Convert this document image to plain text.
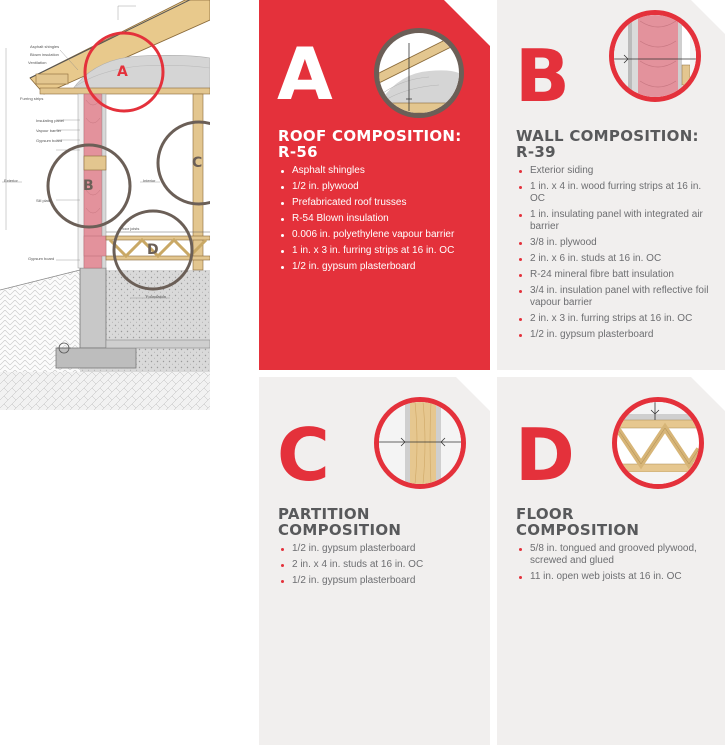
A
B
C
D
Asphalt shingles
Blown insulation
Ventilation
Furring strips
Insulating panel
Vapour barrier
Gypsum board
Exterior	Interior
Sill plate
Floor joists
Gypsum board
Foundation
A
ROOF COMPOSITION:
R-56
Asphalt shingles
1/2 in. plywood
Prefabricated roof trusses
R-54 Blown insulation
0.006 in. polyethylene vapour barrier
1 in. x 3 in. furring strips at 16 in. OC
1/2 in. gypsum plasterboard
B
WALL COMPOSITION:
R-39
Exterior siding
1 in. x 4 in. wood furring strips at 16 in. OC
1 in. insulating panel with integrated air barrier
3/8 in. plywood
2 in. x 6 in. studs at 16 in. OC
R-24 mineral fibre batt insulation
3/4 in. insulation panel with reflective foil vapour barrier
2 in. x 3 in. furring strips at 16 in. OC
1/2 in. gypsum plasterboard
C
PARTITION
COMPOSITION
1/2 in. gypsum plasterboard
2 in. x 4 in. studs at 16 in. OC
1/2 in. gypsum plasterboard
D
FLOOR
COMPOSITION
5/8 in. tongued and grooved plywood, screwed and glued
11 in. open web joists at 16 in. OC
